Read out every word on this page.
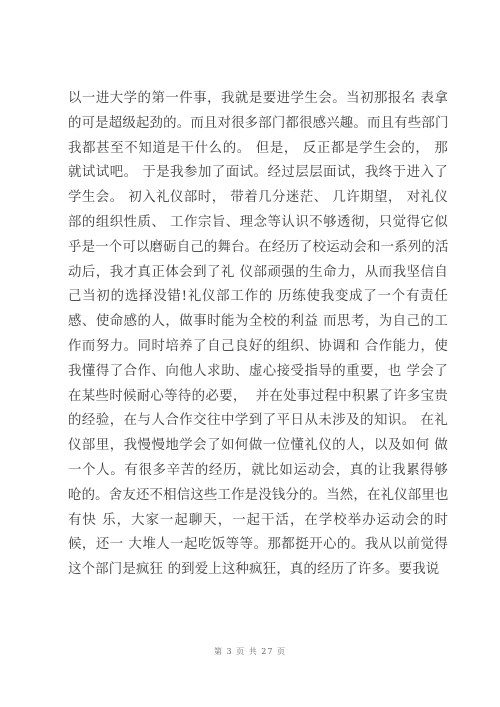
以一进大学的第一件事，我就是要进学生会。当初那报名 表拿
的可是超级起劲的。而且对很多部门都很感兴趣。而且有些部门
我都甚至不知道是干什么的。 但是， 反正都是学生会的， 那
就试试吧。 于是我参加了面试。经过层层面试，我终于进入了
学生会。 初入礼仪部时， 带着几分迷茫、 几许期望， 对礼仪
部的组织性质、 工作宗旨、理念等认识不够透彻，只觉得它似
乎是一个可以磨砺自己的舞台。在经历了校运动会和一系列的活
动后，我才真正体会到了礼 仪部顽强的生命力，从而我坚信自
己当初的选择没错!礼仪部工作的 历练使我变成了一个有责任
感、使命感的人，做事时能为全校的利益 而思考，为自己的工
作而努力。同时培养了自己良好的组织、协调和 合作能力，使
我懂得了合作、向他人求助、虚心接受指导的重要，也 学会了
在某些时候耐心等待的必要，  并在处事过程中积累了许多宝贵
的经验，在与人合作交往中学到了平日从未涉及的知识。 在礼
仪部里，我慢慢地学会了如何做一位懂礼仪的人，以及如何 做
一个人。有很多辛苦的经历，就比如运动会，真的让我累得够
呛的。舍友还不相信这些工作是没钱分的。当然，在礼仪部里也
有快 乐，大家一起聊天，一起干活，在学校举办运动会的时
候，还一 大堆人一起吃饭等等。那都挺开心的。我从以前觉得
这个部门是疯狂 的到爱上这种疯狂，真的经历了许多。要我说
第 3 页 共 27 页
